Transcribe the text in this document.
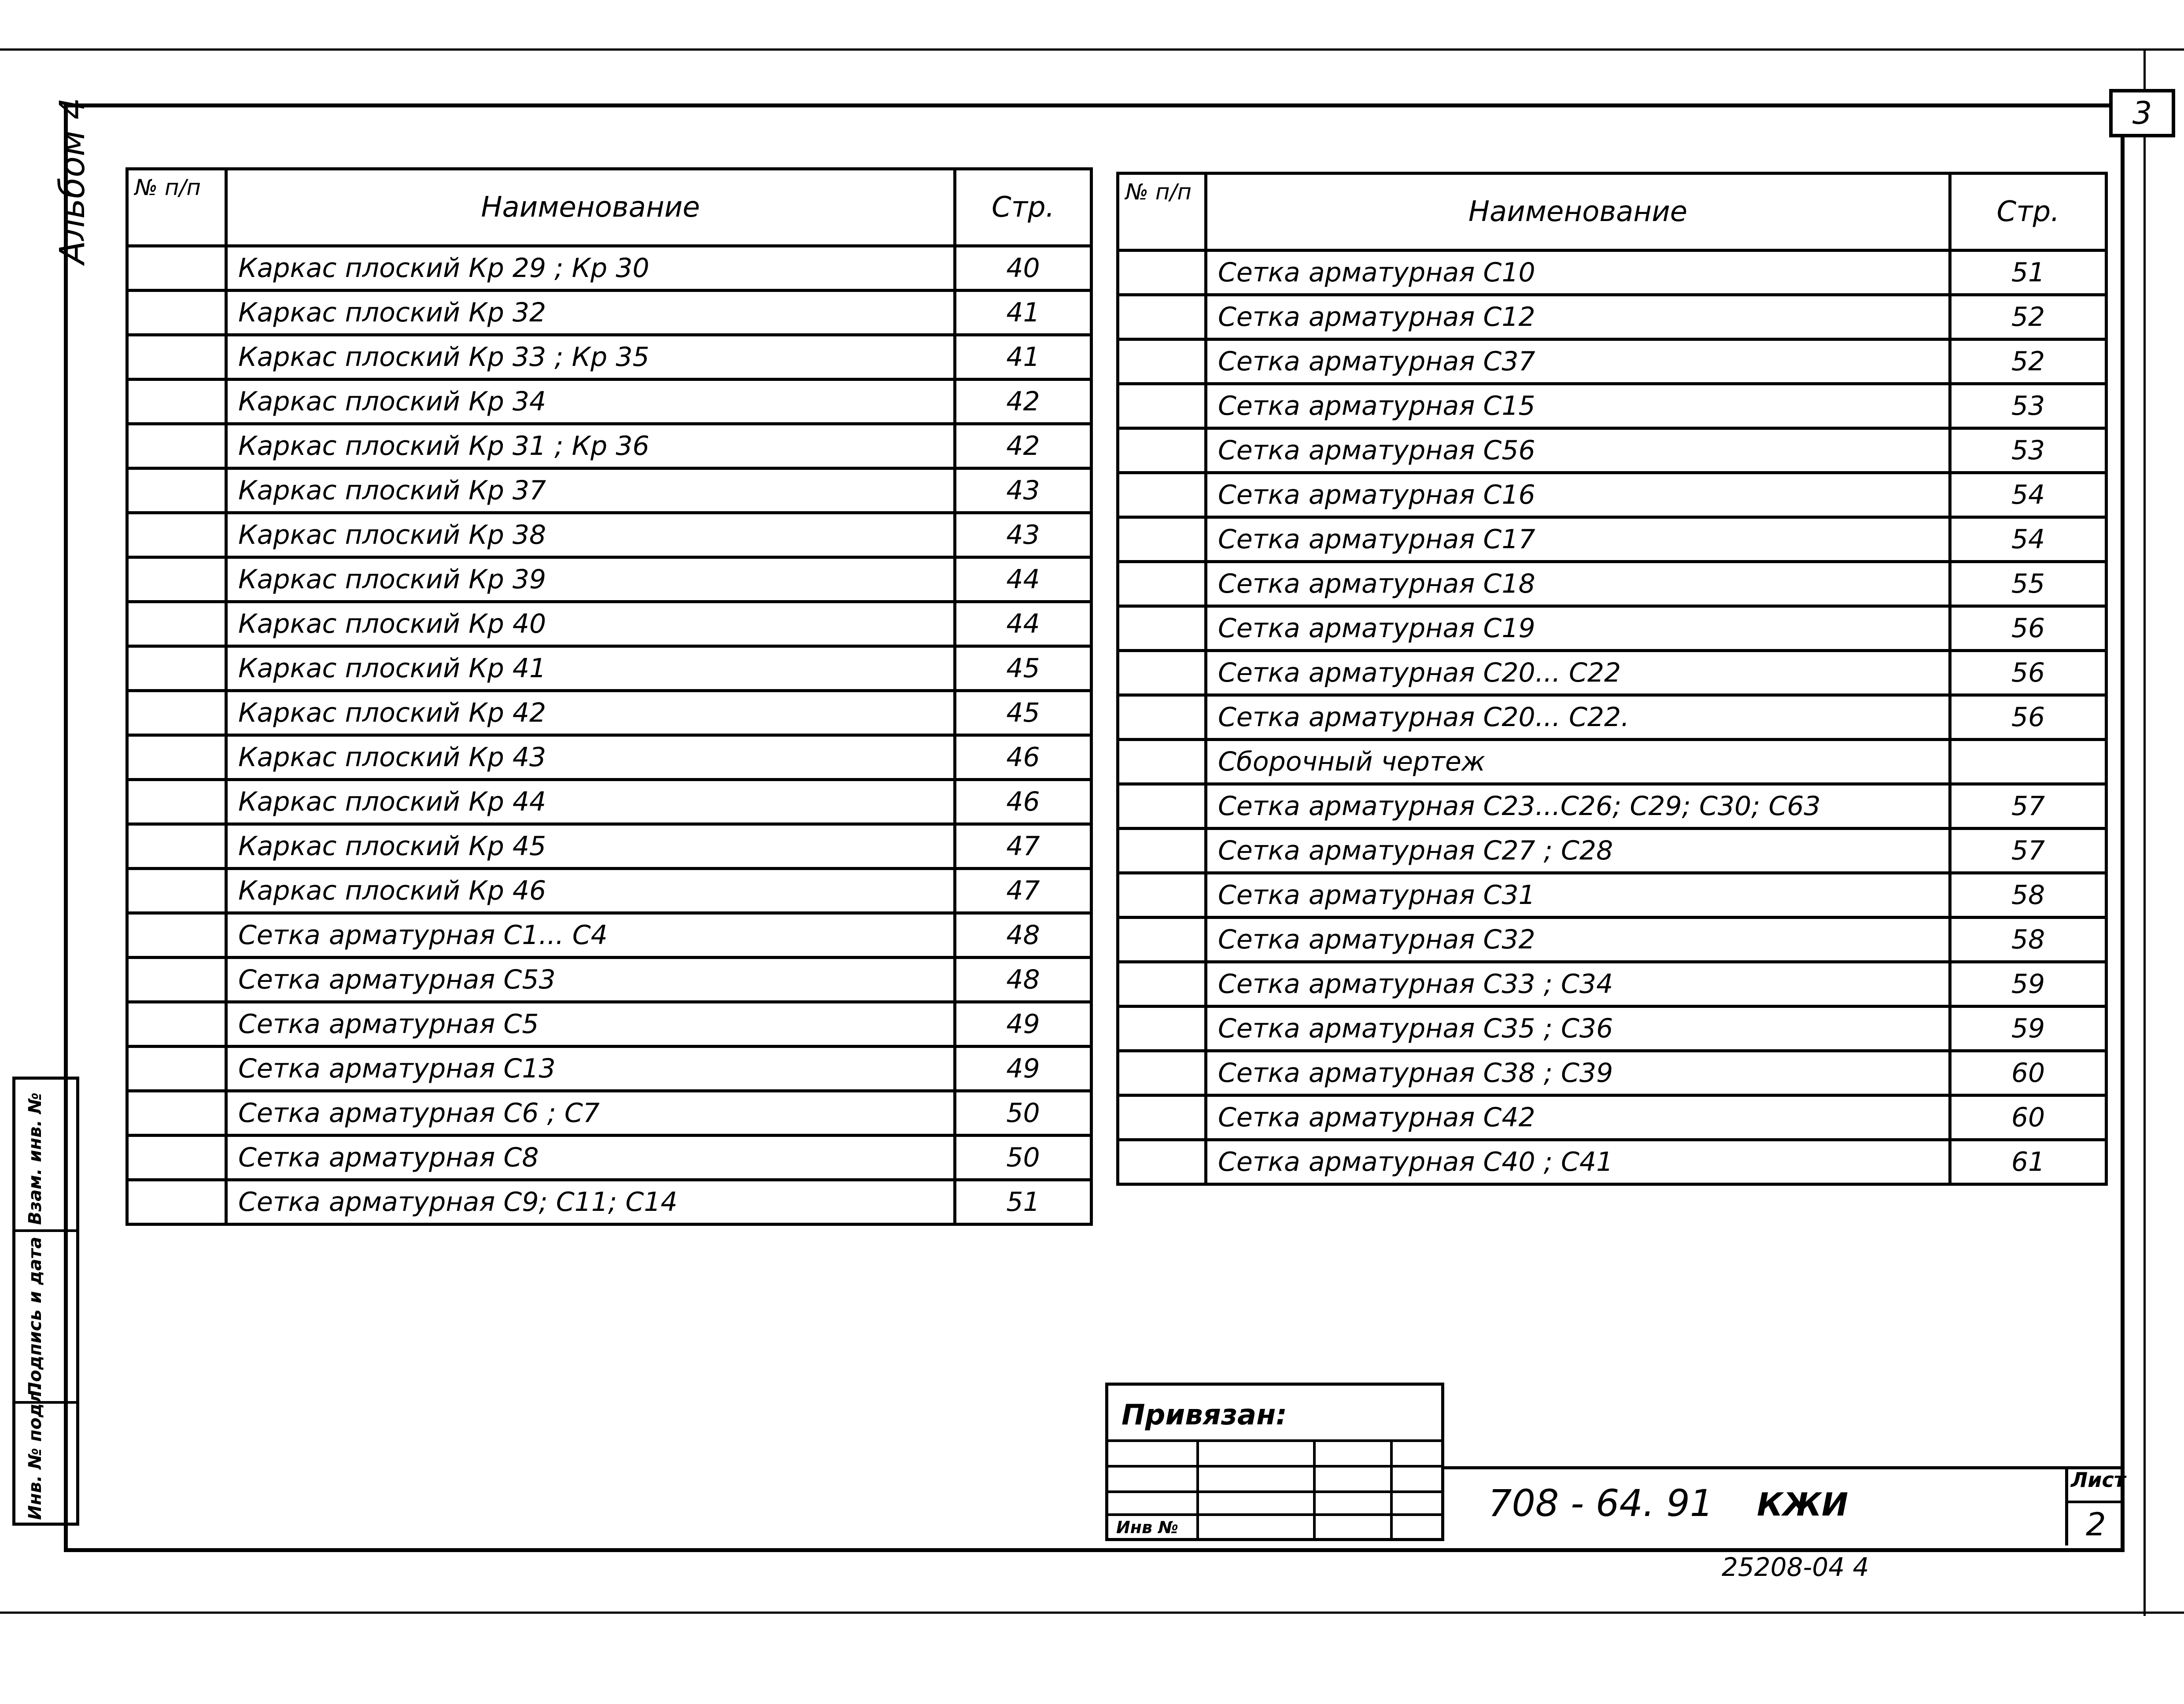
3
Альбом 4
Инв. № подл.
Подпись и дата
Взам. инв. №
№ п/п	Наименование	Стр.
	Каркас плоский Кр 29 ; Кр 30	40
	Каркас плоский Кр 32	41
	Каркас плоский Кр 33 ; Кр 35	41
	Каркас плоский Кр 34	42
	Каркас плоский Кр 31 ; Кр 36	42
	Каркас плоский Кр 37	43
	Каркас плоский Кр 38	43
	Каркас плоский Кр 39	44
	Каркас плоский Кр 40	44
	Каркас плоский Кр 41	45
	Каркас плоский Кр 42	45
	Каркас плоский Кр 43	46
	Каркас плоский Кр 44	46
	Каркас плоский Кр 45	47
	Каркас плоский Кр 46	47
	Сетка арматурная С1... С4	48
	Сетка арматурная С53	48
	Сетка арматурная С5	49
	Сетка арматурная С13	49
	Сетка арматурная С6 ; С7	50
	Сетка арматурная С8	50
	Сетка арматурная С9; С11; С14	51
№ п/п	Наименование	Стр.
	Сетка арматурная С10	51
	Сетка арматурная С12	52
	Сетка арматурная С37	52
	Сетка арматурная С15	53
	Сетка арматурная С56	53
	Сетка арматурная С16	54
	Сетка арматурная С17	54
	Сетка арматурная С18	55
	Сетка арматурная С19	56
	Сетка арматурная С20... С22	56
	Сетка арматурная С20... С22.	56
	Сборочный чертеж	
	Сетка арматурная С23...С26; С29; С30; С63	57
	Сетка арматурная С27 ; С28	57
	Сетка арматурная С31	58
	Сетка арматурная С32	58
	Сетка арматурная С33 ; С34	59
	Сетка арматурная С35 ; С36	59
	Сетка арматурная С38 ; С39	60
	Сетка арматурная С42	60
	Сетка арматурная С40 ; С41	61
Привязан:
Инв №
708 - 64. 91 КЖИ
Лист
2
25208-04 4
